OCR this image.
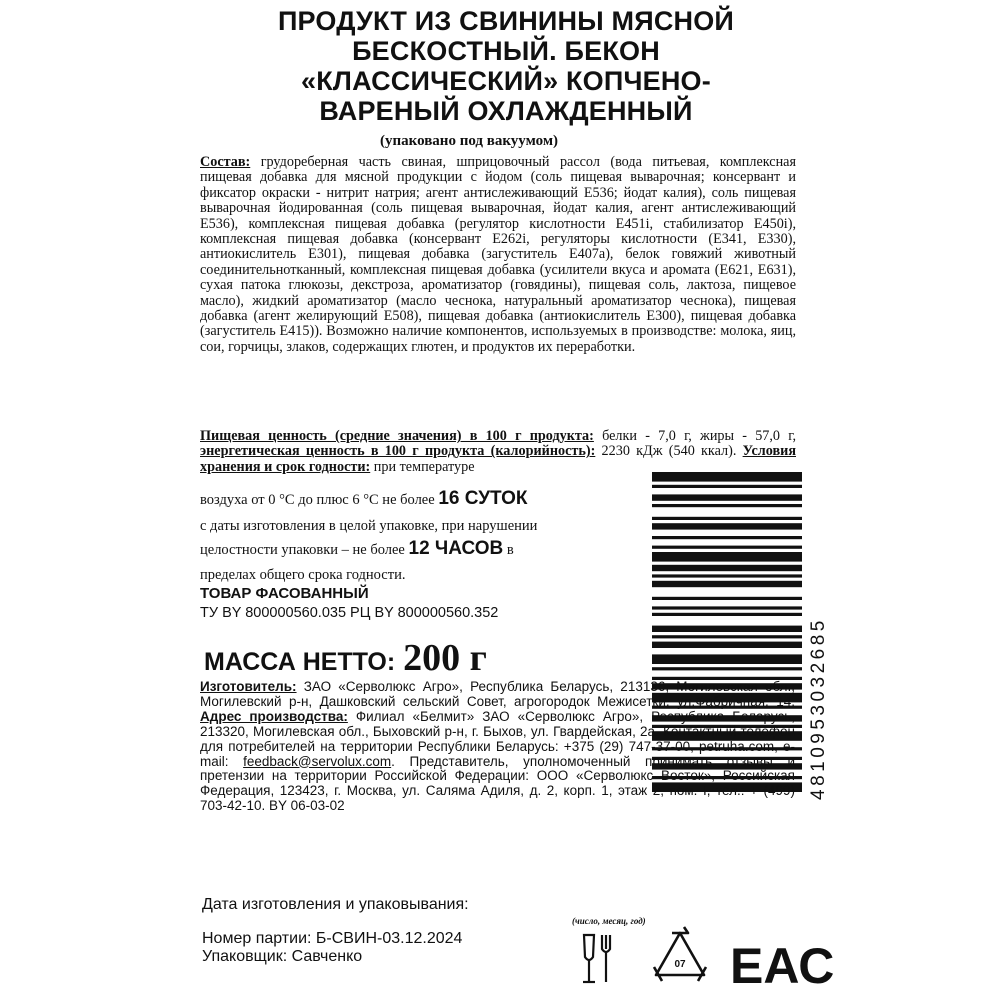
ПРОДУКТ ИЗ СВИНИНЫ МЯСНОЙ
БЕСКОСТНЫЙ. БЕКОН
«КЛАССИЧЕСКИЙ» КОПЧЕНО-
ВАРЕНЫЙ ОХЛАЖДЕННЫЙ
(упаковано под вакуумом)

Состав: грудореберная часть свиная, шприцовочный рассол (вода питьевая, комплексная пищевая добавка для мясной продукции с йодом (соль пищевая выварочная; консервант и фиксатор окраски - нитрит натрия; агент антислеживающий Е536; йодат калия), соль пищевая выварочная йодированная (соль пищевая выварочная, йодат калия, агент антислеживающий Е536), комплексная пищевая добавка (регулятор кислотности Е451i, стабилизатор Е450i), комплексная пищевая добавка (консервант Е262i, регуляторы кислотности (Е341, Е330), антиокислитель Е301), пищевая добавка (загуститель Е407а), белок говяжий животный соединительнотканный, комплексная пищевая добавка (усилители вкуса и аромата (Е621, Е631), сухая патока глюкозы, декстроза, ароматизатор (говядины), пищевая соль, лактоза, пищевое масло), жидкий ароматизатор (масло чеснока, натуральный ароматизатор чеснока), пищевая добавка (агент желирующий Е508), пищевая добавка (антиокислитель Е300), пищевая добавка (загуститель Е415)). Возможно наличие компонентов, используемых в производстве: молока, яиц, сои, горчицы, злаков, содержащих глютен, и продуктов их переработки.

Пищевая ценность (средние значения) в 100 г продукта: белки - 7,0 г, жиры - 57,0 г, энергетическая ценность в 100 г продукта (калорийность): 2230 кДж (540 ккал). Условия хранения и срок годности: при температуре

воздуха от 0 °С до плюс 6 °С не более 16 СУТОК
с даты изготовления в целой упаковке, при нарушении
целостности упаковки – не более 12 ЧАСОВ в
пределах общего срока годности.
ТОВАР ФАСОВАННЫЙ
ТУ BY 800000560.035 РЦ BY 800000560.352
МАССА НЕТТО: 200 г	4810953032685

Изготовитель: ЗАО «Серволюкс Агро», Республика Беларусь, 213136, Могилевская обл., Могилевский р-н, Дашковский сельский Совет, агрогородок Межисетки, ул.Фабричная, 14. Адрес производства: Филиал «Белмит» ЗАО «Серволюкс Агро», Республика Беларусь, 213320, Могилевская обл., Быховский р-н, г. Быхов, ул. Гвардейская, 2а. Контактный телефон для потребителей на территории Республики Беларусь: +375 (29) 747-37-00, petruha.com, e-mail: feedback@servolux.com. Представитель, уполномоченный принимать отзывы и претензии на территории Российской Федерации: ООО «Серволюкс Восток», Российская Федерация, 123423, г. Москва, ул. Салямa Адиля, д. 2, корп. 1, этаж 2, пом. I, тел.: + (499) 703-42-10. BY 06-03-02

Дата изготовления и упаковывания:
(число, месяц, год)
Номер партии: Б-СВИН-03.12.2024
Упаковщик: Савченко	07 ЕАС
